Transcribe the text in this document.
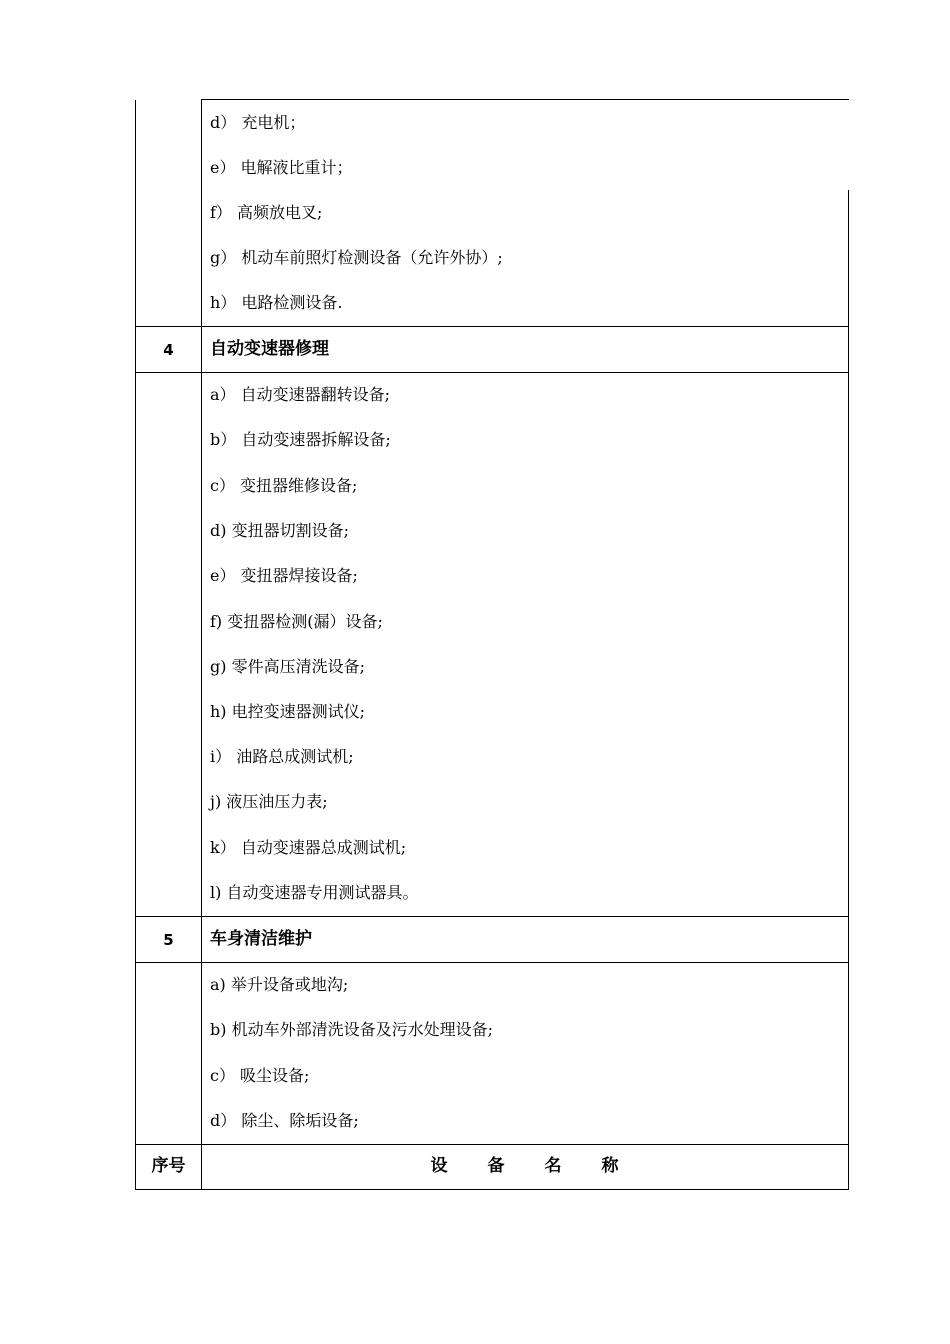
d） 充电机；
e） 电解液比重计；
f） 高频放电叉;
g） 机动车前照灯检测设备（允许外协）;
h） 电路检测设备.
4	自动变速器修理
a） 自动变速器翻转设备;
b） 自动变速器拆解设备;
c） 变扭器维修设备;
d) 变扭器切割设备;
e） 变扭器焊接设备;
f) 变扭器检测(漏）设备;
g) 零件高压清洗设备;
h) 电控变速器测试仪;
i） 油路总成测试机;
j) 液压油压力表;
k） 自动变速器总成测试机;
l) 自动变速器专用测试器具。
5	车身清洁维护
a) 举升设备或地沟;
b) 机动车外部清洗设备及污水处理设备;
c） 吸尘设备;
d） 除尘、除垢设备;
序号	设备名称
